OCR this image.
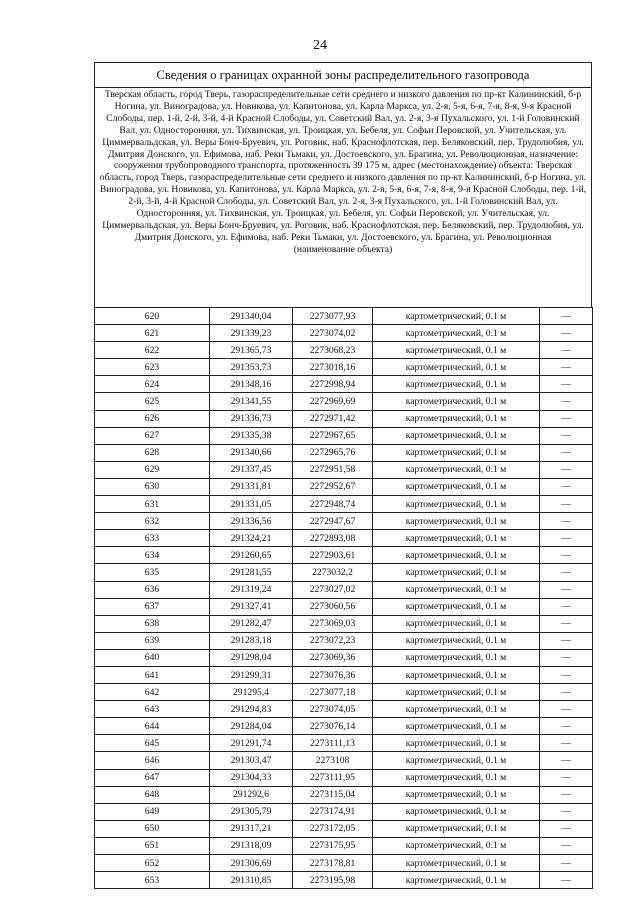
24
Сведения о границах охранной зоны распределительного газопровода
Тверская область, город Тверь, газораспределительные сети среднего и низкого давления по пр-кт Калининский, б-р Ногина, ул. Виноградова, ул. Новикова, ул. Капитонова, ул. Карла Маркса, ул. 2-я, 5-я, 6-я, 7-я, 8-я, 9-я Красной Слободы, пер. 1-й, 2-й, 3-й, 4-й Красной Слободы, ул. Советский Вал, ул. 2-я, 3-я Пухальского, ул. 1-й Головинский Вал, ул. Односторонняя, ул. Тихвинская, ул. Троицкая, ул. Бебеля, ул. Софьи Перовской, ул. Учительская, ул. Циммервальдская, ул. Веры Бонч-Бруевич, ул. Роговик, наб. Краснофлотская, пер. Беляковский, пер. Трудолюбия, ул. Дмитрия Донского, ул. Ефимова, наб. Реки Тьмаки, ул. Достоевского, ул. Брагина, ул. Революционная, назначение: сооружения трубопроводного транспорта, протяженность 39 175 м, адрес (местонахождение) объекта: Тверская область, город Тверь, газораспределительные сети среднего и низкого давления по пр-кт Калининский, б-р Ногина, ул. Виноградова, ул. Новикова, ул. Капитонова, ул. Карла Маркса, ул. 2-я, 5-я, 6-я, 7-я, 8-я, 9-я Красной Слободы, пер. 1-й, 2-й, 3-й, 4-й Красной Слободы, ул. Советский Вал, ул. 2-я, 3-я Пухальского, ул. 1-й Головинский Вал, ул. Односторонняя, ул. Тихвинская, ул. Троицкая, ул. Бебеля, ул. Софьи Перовской, ул. Учительская, ул. Циммервальдская, ул. Веры Бонч-Бруевич, ул. Роговик, наб. Краснофлотская, пер. Беляковский, пер. Трудолюбия, ул. Дмитрия Донского, ул. Ефимова, наб. Реки Тьмаки, ул. Достоевского, ул. Брагина, ул. Революционная
(наименование объекта)
620	291340,04	2273077,93	картометрический, 0.1 м	—
621	291339,23	2273074,02	картометрический, 0.1 м	—
622	291365,73	2273068,23	картометрический, 0.1 м	—
623	291353,73	2273018,16	картометрический, 0.1 м	—
624	291348,16	2272998,94	картометрический, 0.1 м	—
625	291341,55	2272969,69	картометрический, 0.1 м	—
626	291336,73	2272971,42	картометрический, 0.1 м	—
627	291335,38	2272967,65	картометрический, 0.1 м	—
628	291340,66	2272965,76	картометрический, 0.1 м	—
629	291337,45	2272951,58	картометрический, 0.1 м	—
630	291331,81	2272952,67	картометрический, 0.1 м	—
631	291331,05	2272948,74	картометрический, 0.1 м	—
632	291336,56	2272947,67	картометрический, 0.1 м	—
633	291324,21	2272893,08	картометрический, 0.1 м	—
634	291260,65	2272903,61	картометрический, 0.1 м	—
635	291281,55	2273032,2	картометрический, 0.1 м	—
636	291319,24	2273027,02	картометрический, 0.1 м	—
637	291327,41	2273060,56	картометрический, 0.1 м	—
638	291282,47	2273069,03	картометрический, 0.1 м	—
639	291283,18	2273072,23	картометрический, 0.1 м	—
640	291298,04	2273069,36	картометрический, 0.1 м	—
641	291299,31	2273076,36	картометрический, 0.1 м	—
642	291295,4	2273077,18	картометрический, 0.1 м	—
643	291294,83	2273074,05	картометрический, 0.1 м	—
644	291284,04	2273076,14	картометрический, 0.1 м	—
645	291291,74	2273111,13	картометрический, 0.1 м	—
646	291303,47	2273108	картометрический, 0.1 м	—
647	291304,33	2273111,95	картометрический, 0.1 м	—
648	291292,6	2273115,04	картометрический, 0.1 м	—
649	291305,79	2273174,91	картометрический, 0.1 м	—
650	291317,21	2273172,05	картометрический, 0.1 м	—
651	291318,09	2273175,95	картометрический, 0.1 м	—
652	291306,69	2273178,81	картометрический, 0.1 м	—
653	291310,85	2273195,98	картометрический, 0.1 м	—
